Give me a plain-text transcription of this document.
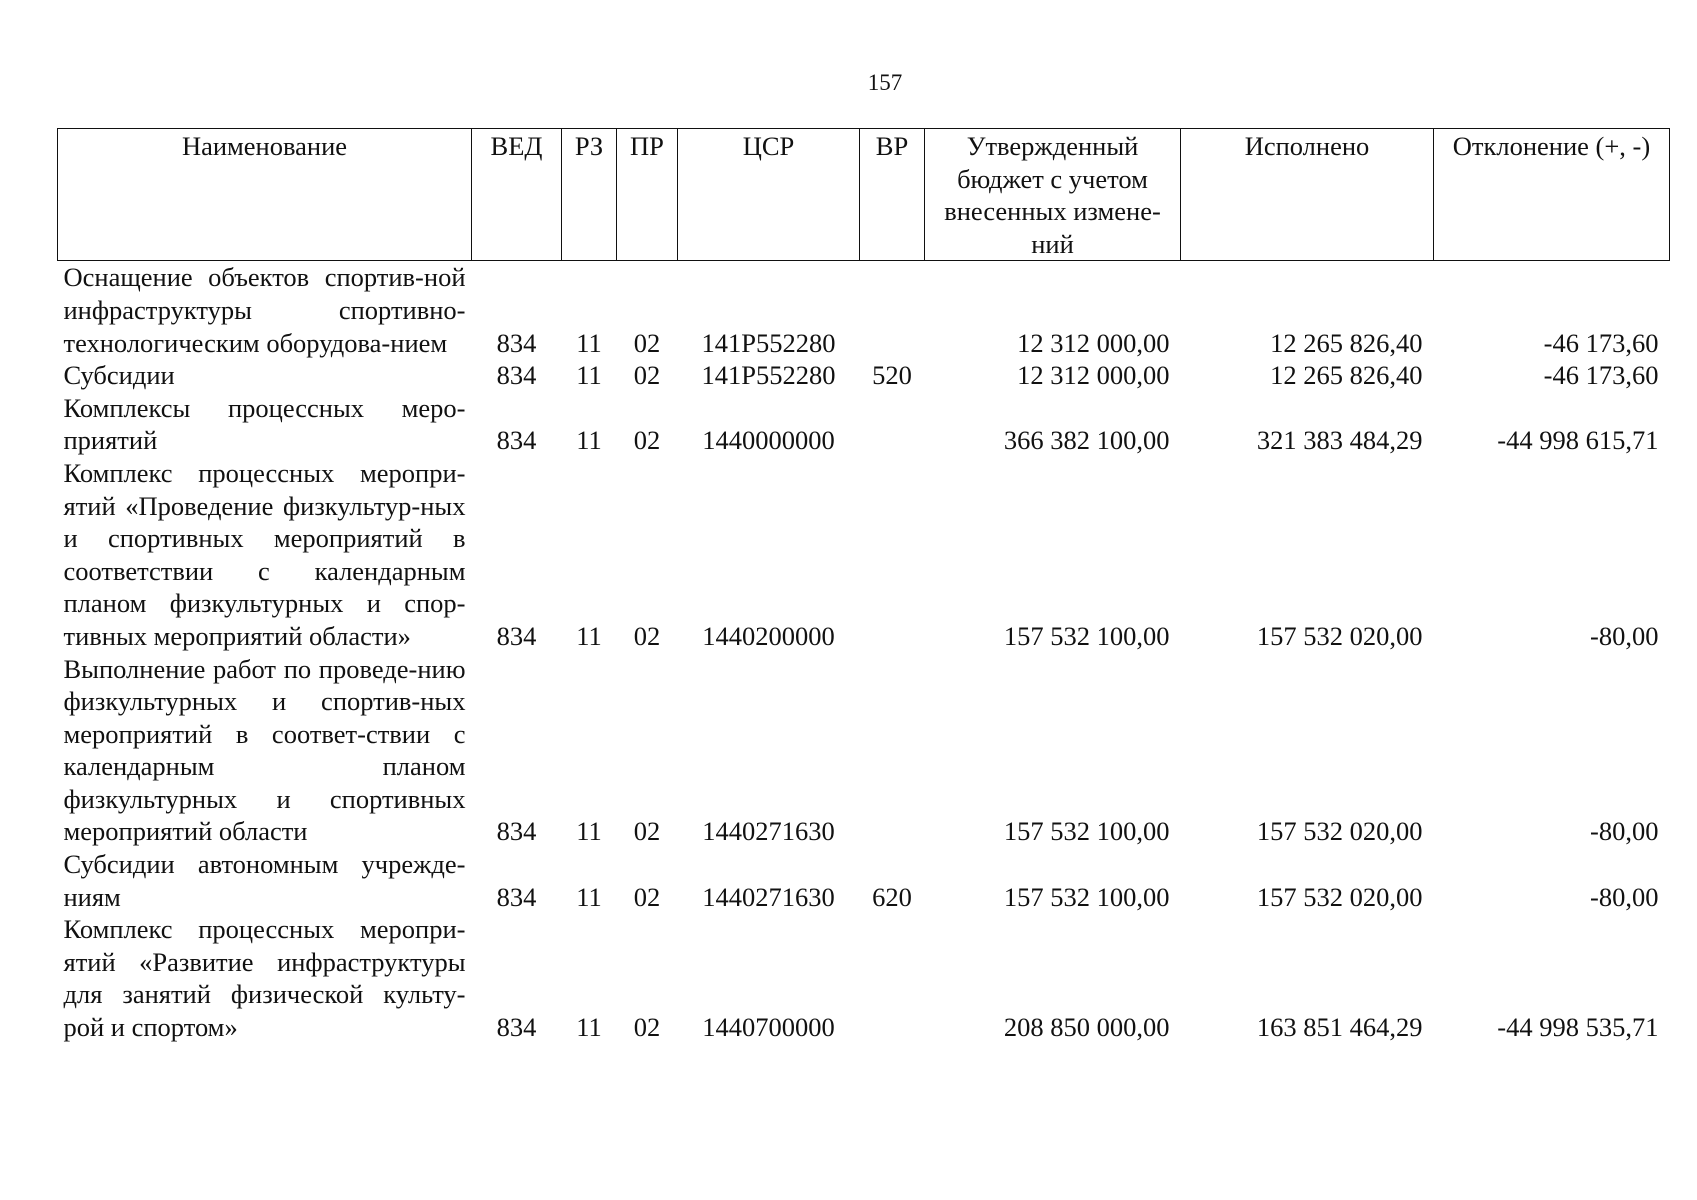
157
Наименование	ВЕД	РЗ	ПР	ЦСР	ВР	Утвержденный бюджет с учетом внесенных измене-ний	Исполнено	Отклонение (+, -)
Оснащение объектов спортив-ной инфраструктуры спортивно-технологическим оборудова-нием	834	11	02	141P552280		12 312 000,00	12 265 826,40	-46 173,60
Субсидии	834	11	02	141P552280	520	12 312 000,00	12 265 826,40	-46 173,60
Комплексы процессных меро-приятий	834	11	02	1440000000		366 382 100,00	321 383 484,29	-44 998 615,71
Комплекс процессных меропри-ятий «Проведение физкультур-ных и спортивных мероприятий в соответствии с календарным планом физкультурных и спор-тивных мероприятий области»	834	11	02	1440200000		157 532 100,00	157 532 020,00	-80,00
Выполнение работ по проведе-нию физкультурных и спортив-ных мероприятий в соответ-ствии с календарным планом физкультурных и спортивных мероприятий области	834	11	02	1440271630		157 532 100,00	157 532 020,00	-80,00
Субсидии автономным учрежде-ниям	834	11	02	1440271630	620	157 532 100,00	157 532 020,00	-80,00
Комплекс процессных меропри-ятий «Развитие инфраструктуры для занятий физической культу-рой и спортом»	834	11	02	1440700000		208 850 000,00	163 851 464,29	-44 998 535,71
